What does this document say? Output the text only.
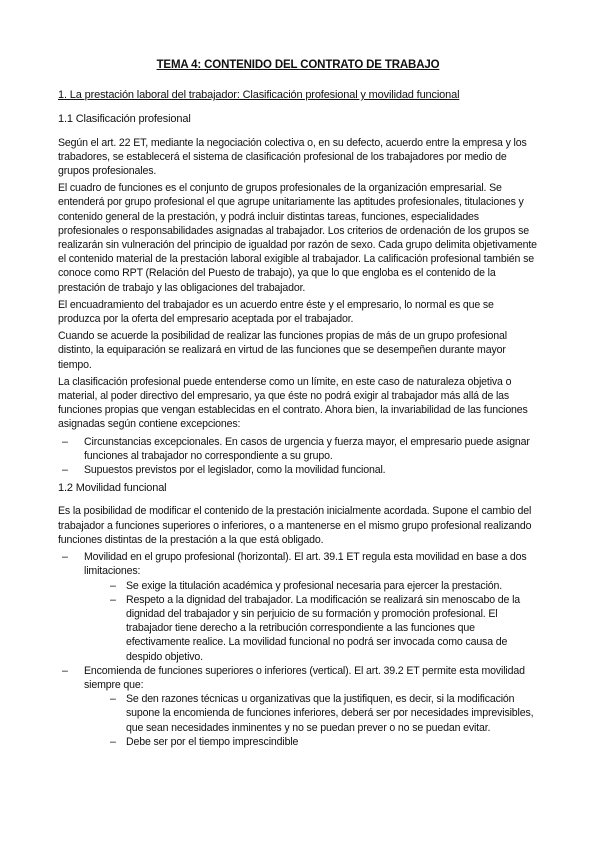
TEMA 4: CONTENIDO DEL CONTRATO DE TRABAJO
1. La prestación laboral del trabajador: Clasificación profesional y movilidad funcional
1.1 Clasificación profesional

Según el art. 22 ET, mediante la negociación colectiva o, en su defecto, acuerdo entre la empresa y los trabadores, se establecerá el sistema de clasificación profesional de los trabajadores por medio de grupos profesionales.

El cuadro de funciones es el conjunto de grupos profesionales de la organización empresarial. Se entenderá por grupo profesional el que agrupe unitariamente las aptitudes profesionales, titulaciones y contenido general de la prestación, y podrá incluir distintas tareas, funciones, especialidades profesionales o responsabilidades asignadas al trabajador. Los criterios de ordenación de los grupos se realizarán sin vulneración del principio de igualdad por razón de sexo. Cada grupo delimita objetivamente el contenido material de la prestación laboral exigible al trabajador. La calificación profesional también se conoce como RPT (Relación del Puesto de trabajo), ya que lo que engloba es el contenido de la prestación de trabajo y las obligaciones del trabajador.

El encuadramiento del trabajador es un acuerdo entre éste y el empresario, lo normal es que se produzca por la oferta del empresario aceptada por el trabajador.

Cuando se acuerde la posibilidad de realizar las funciones propias de más de un grupo profesional distinto, la equiparación se realizará en virtud de las funciones que se desempeñen durante mayor tiempo.

La clasificación profesional puede entenderse como un límite, en este caso de naturaleza objetiva o material, al poder directivo del empresario, ya que éste no podrá exigir al trabajador más allá de las funciones propias que vengan establecidas en el contrato. Ahora bien, la invariabilidad de las funciones asignadas según contiene excepciones:

– Circunstancias excepcionales. En casos de urgencia y fuerza mayor, el empresario puede asignar funciones al trabajador no correspondiente a su grupo.
– Supuestos previstos por el legislador, como la movilidad funcional.
1.2 Movilidad funcional

Es la posibilidad de modificar el contenido de la prestación inicialmente acordada. Supone el cambio del trabajador a funciones superiores o inferiores, o a mantenerse en el mismo grupo profesional realizando funciones distintas de la prestación a la que está obligado.

– Movilidad en el grupo profesional (horizontal). El art. 39.1 ET regula esta movilidad en base a dos limitaciones:
– Se exige la titulación académica y profesional necesaria para ejercer la prestación.
– Respeto a la dignidad del trabajador. La modificación se realizará sin menoscabo de la dignidad del trabajador y sin perjuicio de su formación y promoción profesional. El trabajador tiene derecho a la retribución correspondiente a las funciones que efectivamente realice. La movilidad funcional no podrá ser invocada como causa de despido objetivo.
– Encomienda de funciones superiores o inferiores (vertical). El art. 39.2 ET permite esta movilidad siempre que:
– Se den razones técnicas u organizativas que la justifiquen, es decir, si la modificación supone la encomienda de funciones inferiores, deberá ser por necesidades imprevisibles, que sean necesidades inminentes y no se puedan prever o no se puedan evitar.
– Debe ser por el tiempo imprescindible
